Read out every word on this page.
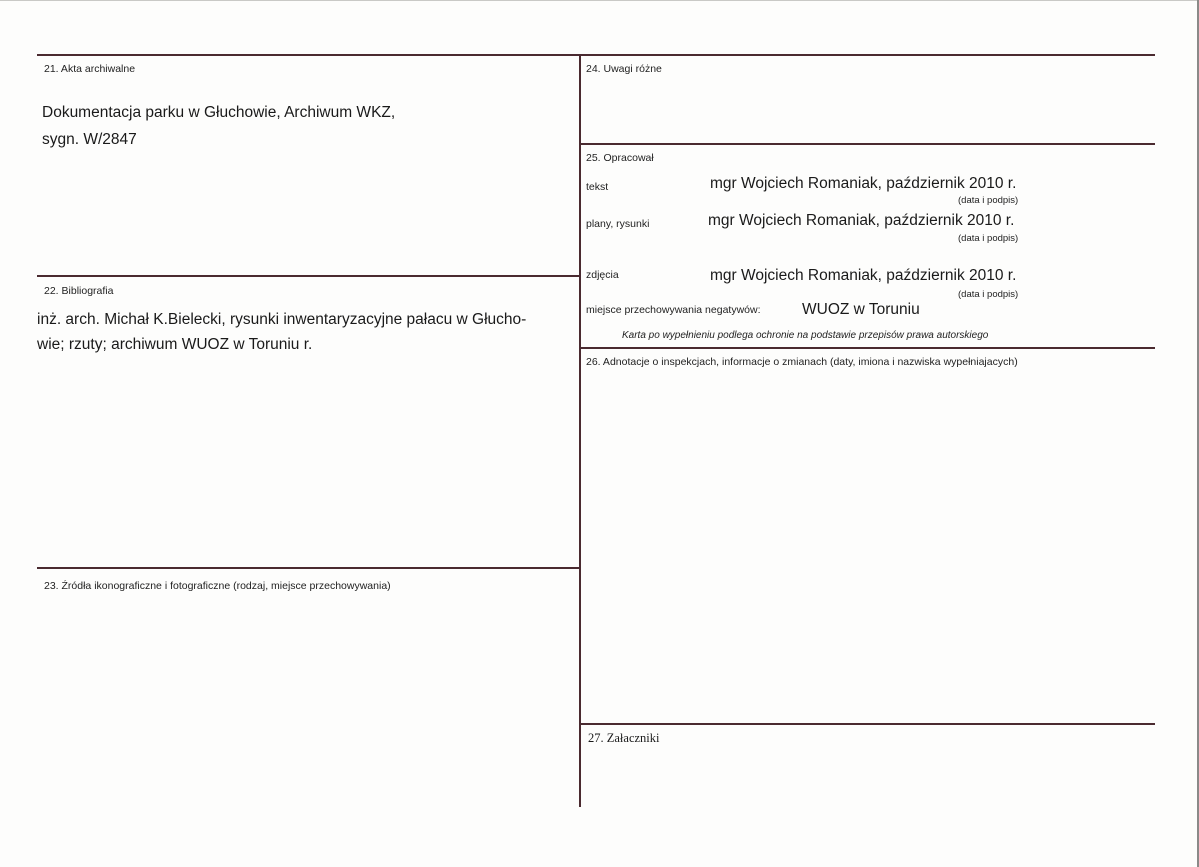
21. Akta archiwalne
Dokumentacja parku w Głuchowie, Archiwum WKZ,
sygn. W/2847
22. Bibliografia
inż. arch. Michał K.Bielecki, rysunki inwentaryzacyjne pałacu w Głucho-
wie; rzuty; archiwum WUOZ w Toruniu r.
23. Źródła ikonograficzne i fotograficzne (rodzaj, miejsce przechowywania)
24. Uwagi różne
25. Opracował
tekst	mgr Wojciech Romaniak, październik 2010 r.
(data i podpis)
plany, rysunki	mgr Wojciech Romaniak, październik 2010 r.
(data i podpis)
zdjęcia	mgr Wojciech Romaniak, październik 2010 r.
(data i podpis)
miejsce przechowywania negatywów:	WUOZ w Toruniu
Karta po wypełnieniu podlega ochronie na podstawie przepisów prawa autorskiego
26. Adnotacje o inspekcjach, informacje o zmianach (daty, imiona i nazwiska wypełniajacych)
27. Załaczniki
